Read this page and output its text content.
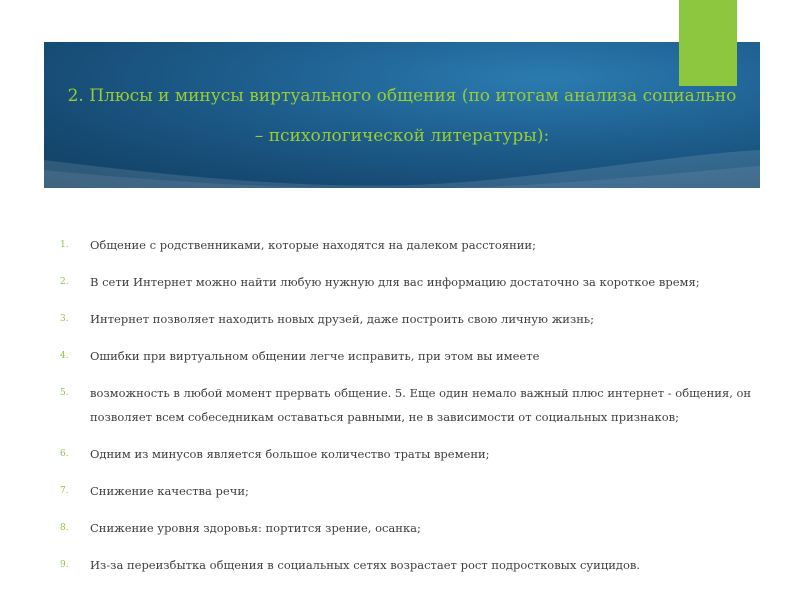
2. Плюсы и минусы виртуального общения (по итогам анализа социально
– психологической литературы):
1. Общение с родственниками, которые находятся на далеком расстоянии;
2. В сети Интернет можно найти любую нужную для вас информацию достаточно за короткое время;
3. Интернет позволяет находить новых друзей, даже построить свою личную жизнь;
4. Ошибки при виртуальном общении легче исправить, при этом вы имеете
5. возможность в любой момент прервать общение. 5. Еще один немало важный плюс интернет - общения, он позволяет всем собеседникам оставаться равными, не в зависимости от социальных признаков;
6. Одним из минусов является большое количество траты времени;
7. Снижение качества речи;
8. Снижение уровня здоровья: портится зрение, осанка;
9. Из-за переизбытка общения в социальных сетях возрастает рост подростковых суицидов.
